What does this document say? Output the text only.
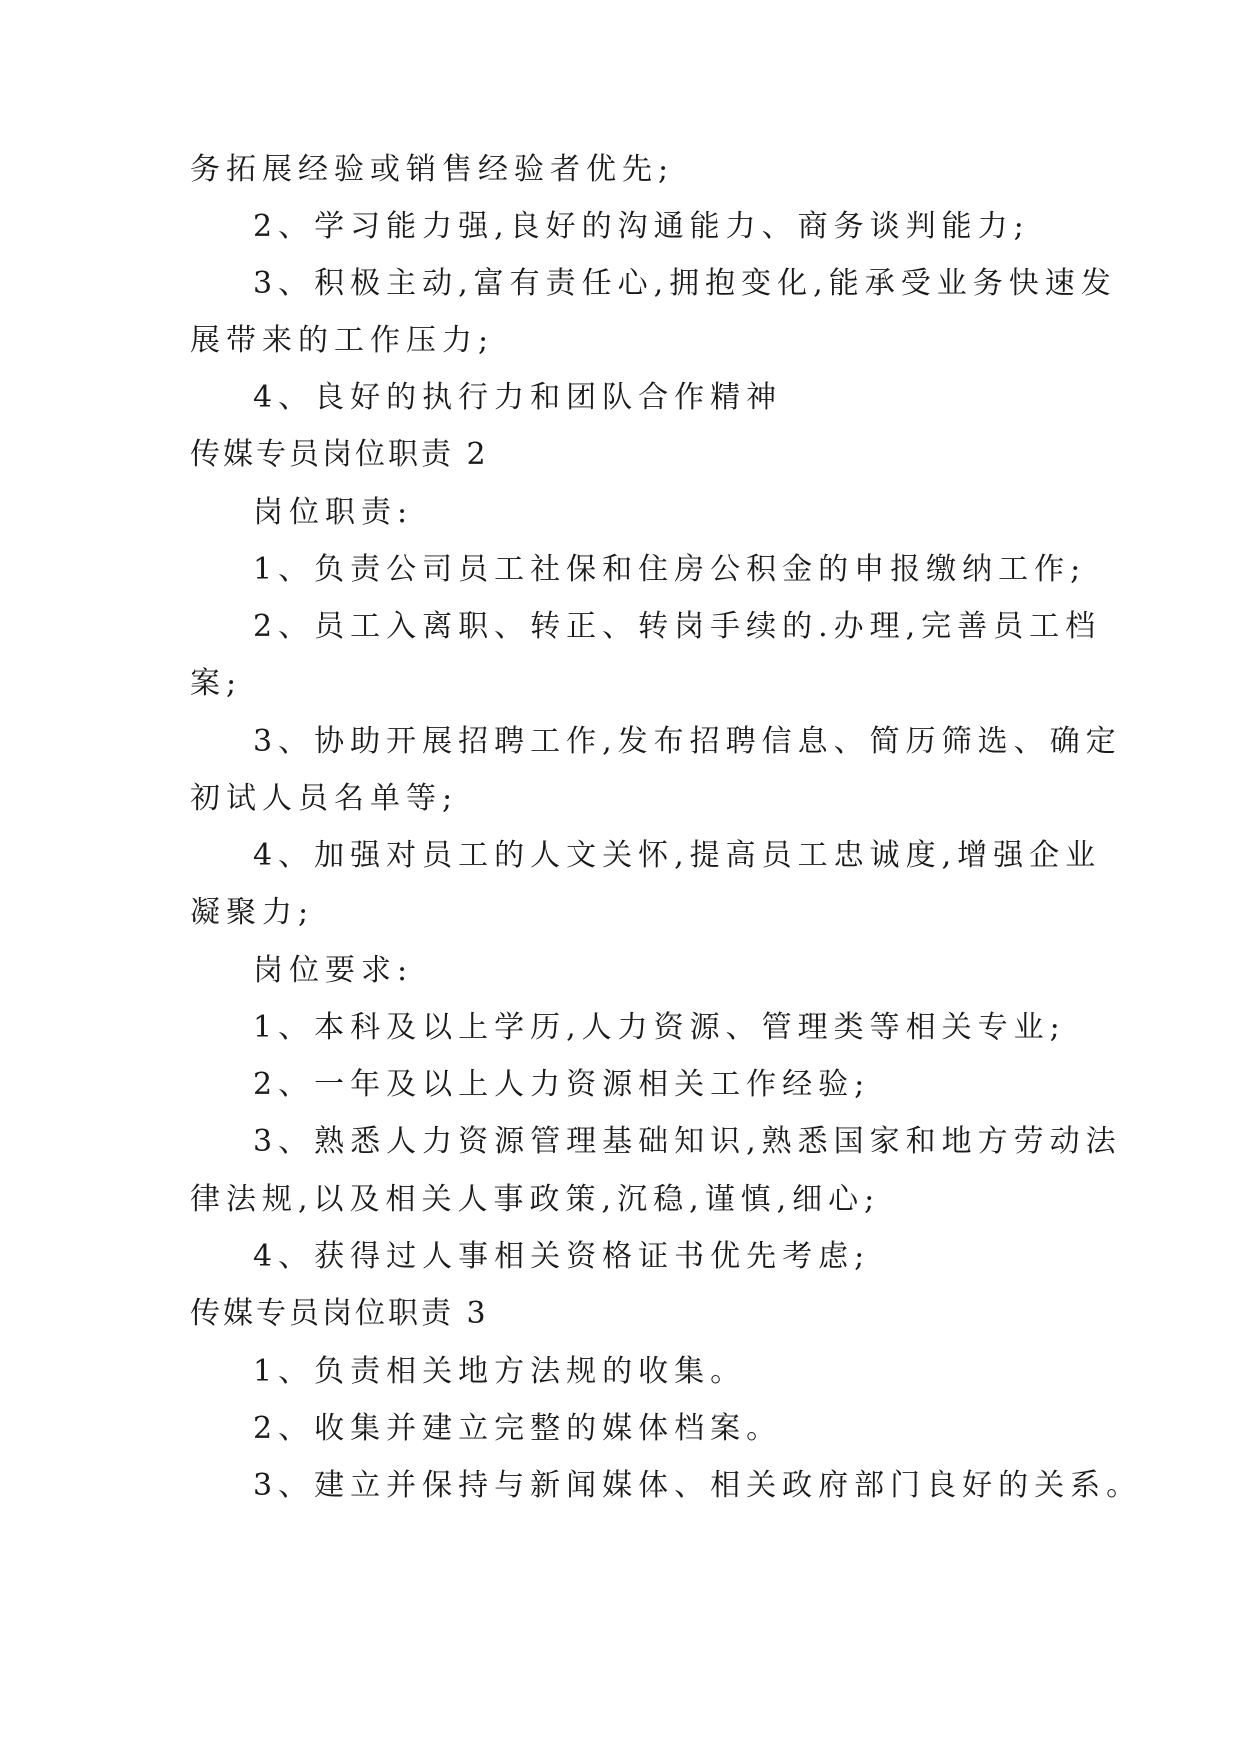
务拓展经验或销售经验者优先;
2、学习能力强,良好的沟通能力、商务谈判能力;
3、积极主动,富有责任心,拥抱变化,能承受业务快速发
展带来的工作压力;
4、良好的执行力和团队合作精神
传媒专员岗位职责 2
岗位职责:
1、负责公司员工社保和住房公积金的申报缴纳工作;
2、员工入离职、转正、转岗手续的.办理,完善员工档
案;
3、协助开展招聘工作,发布招聘信息、简历筛选、确定
初试人员名单等;
4、加强对员工的人文关怀,提高员工忠诚度,增强企业
凝聚力;
岗位要求:
1、本科及以上学历,人力资源、管理类等相关专业;
2、一年及以上人力资源相关工作经验;
3、熟悉人力资源管理基础知识,熟悉国家和地方劳动法
律法规,以及相关人事政策,沉稳,谨慎,细心;
4、获得过人事相关资格证书优先考虑;
传媒专员岗位职责 3
1、负责相关地方法规的收集。
2、收集并建立完整的媒体档案。
3、建立并保持与新闻媒体、相关政府部门良好的关系。
